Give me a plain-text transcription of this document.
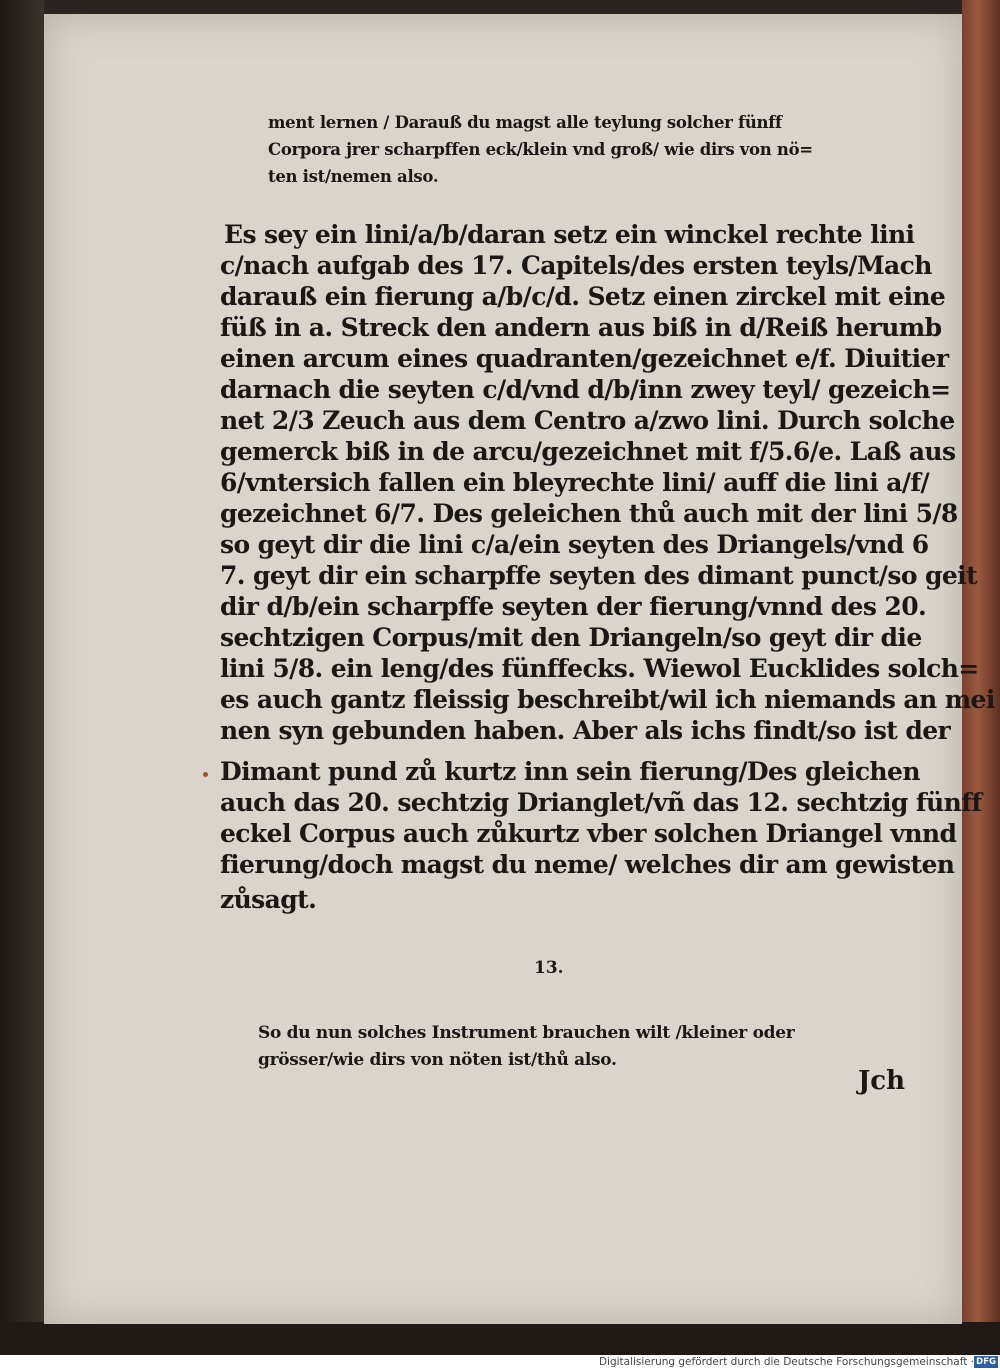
ment lernen / Darauß du magst alle teylung solcher fünff
Corpora jrer scharpffen eck/klein vnd groß/ wie dirs von nö=
ten ist/nemen also.
Es sey ein lini/a/b/daran setz ein winckel rechte lini
c/nach aufgab des 17. Capitels/des ersten teyls/Mach
darauß ein fierung a/b/c/d. Setz einen zirckel mit eine
füß in a. Streck den andern aus biß in d/Reiß herumb
einen arcum eines quadranten/gezeichnet e/f. Diuitier
darnach die seyten c/d/vnd d/b/inn zwey teyl/ gezeich=
net 2/3 Zeuch aus dem Centro a/zwo lini. Durch solche
gemerck biß in de arcu/gezeichnet mit f/5.6/e. Laß aus
6/vntersich fallen ein bleyrechte lini/ auff die lini a/f/
gezeichnet 6/7. Des geleichen thů auch mit der lini 5/8
so geyt dir die lini c/a/ein seyten des Driangels/vnd 6
7. geyt dir ein scharpffe seyten des dimant punct/so geit
dir d/b/ein scharpffe seyten der fierung/vnnd des 20.
sechtzigen Corpus/mit den Driangeln/so geyt dir die
lini 5/8. ein leng/des fünffecks. Wiewol Eucklides solch=
es auch gantz fleissig beschreibt/wil ich niemands an mei
nen syn gebunden haben. Aber als ichs findt/so ist der
Dimant pund zů kurtz inn sein fierung/Des gleichen
auch das 20. sechtzig Drianglet/vñ das 12. sechtzig fünff
eckel Corpus auch zůkurtz vber solchen Driangel vnnd
fierung/doch magst du neme/ welches dir am gewisten
zůsagt.
13.
So du nun solches Instrument brauchen wilt /kleiner oder
grösser/wie dirs von nöten ist/thů also.
Jch
Digitalisierung gefördert durch die Deutsche Forschungsgemeinschaft · DFG
